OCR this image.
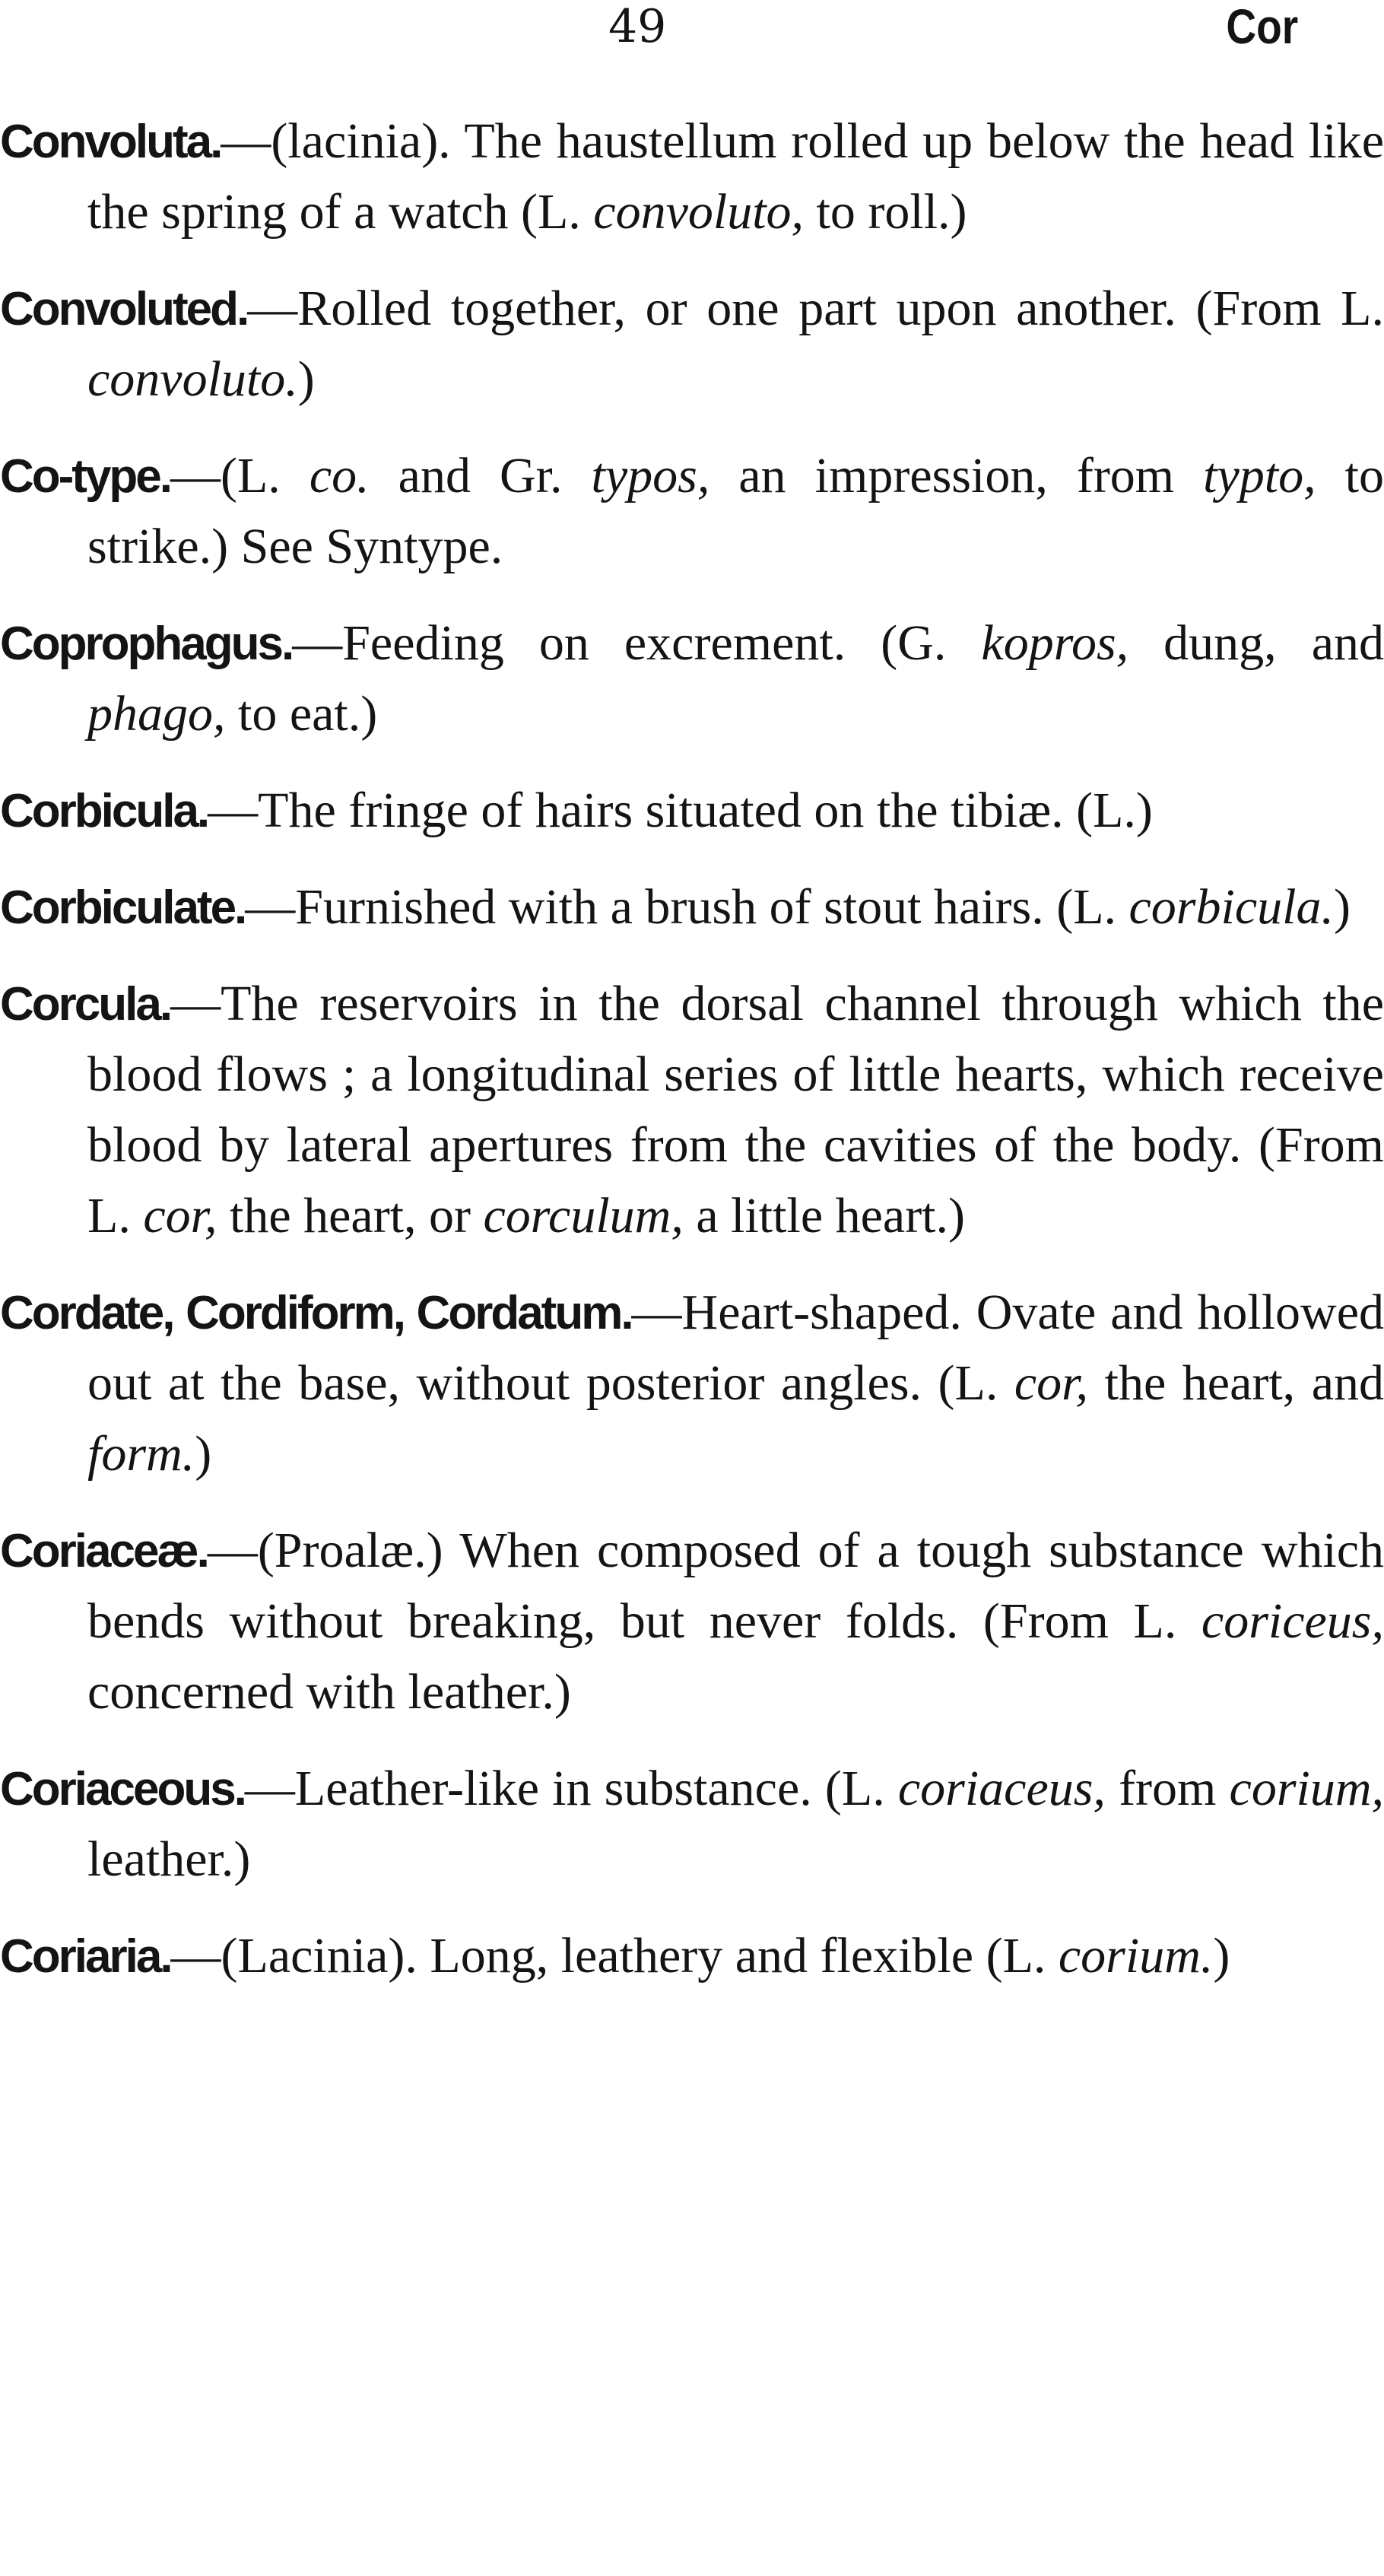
49	Cor

Convoluta.—(lacinia). The haustellum rolled up below the head like the spring of a watch (L. convoluto, to roll.)

Convoluted.—Rolled together, or one part upon another. (From L. convoluto.)

Co-type.—(L. co. and Gr. typos, an impression, from typto, to strike.) See Syntype.

Coprophagus.—Feeding on excrement. (G. kopros, dung, and phago, to eat.)

Corbicula.—The fringe of hairs situated on the tibiæ. (L.)

Corbiculate.—Furnished with a brush of stout hairs. (L. corbicula.)

Corcula.—The reservoirs in the dorsal channel through which the blood flows ; a longitudinal series of little hearts, which receive blood by lateral apertures from the cavities of the body. (From L. cor, the heart, or corculum, a little heart.)

Cordate, Cordiform, Cordatum.—Heart-shaped. Ovate and hollowed out at the base, without posterior angles. (L. cor, the heart, and form.)

Coriaceæ.—(Proalæ.) When composed of a tough substance which bends without breaking, but never folds. (From L. coriceus, concerned with leather.)

Coriaceous.—Leather-like in substance. (L. coriaceus, from corium, leather.)

Coriaria.—(Lacinia). Long, leathery and flexible (L. corium.)
